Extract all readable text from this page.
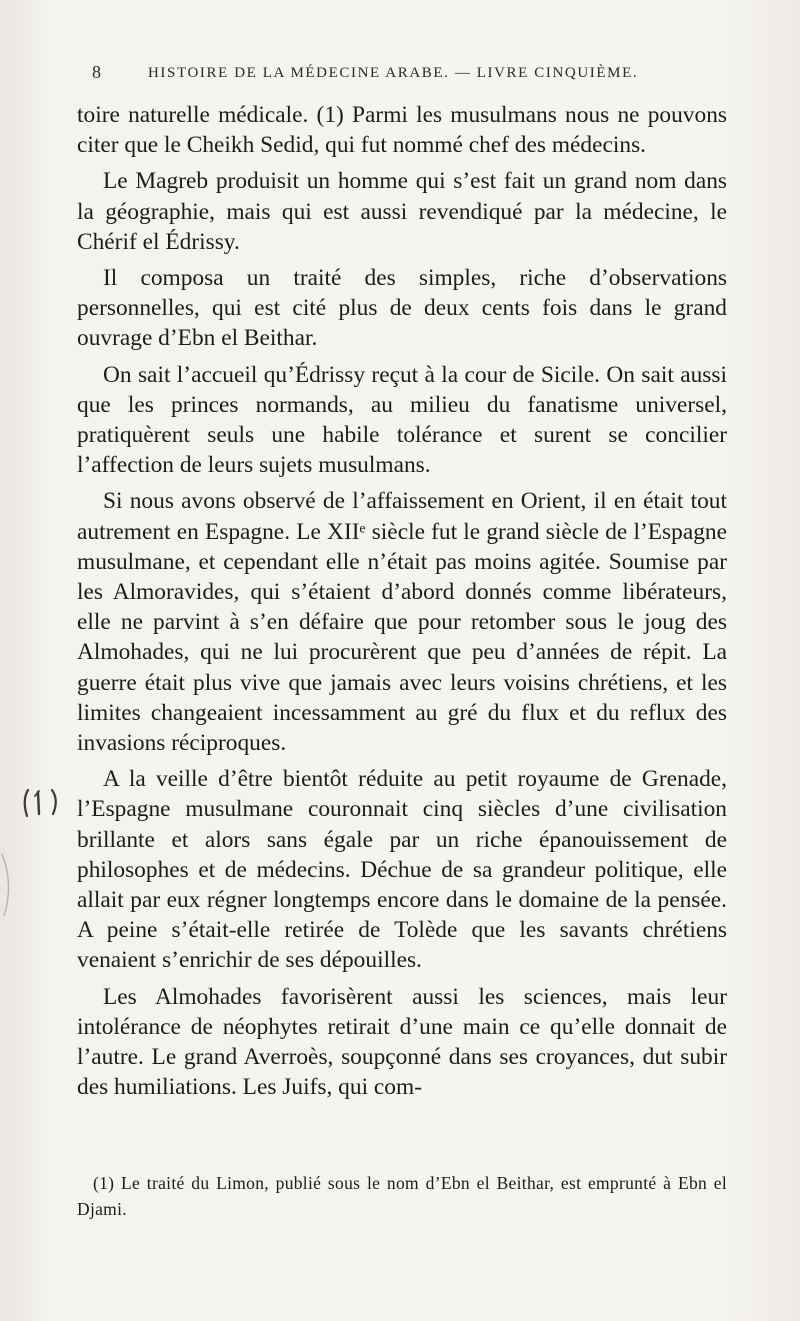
8	HISTOIRE DE LA MÉDECINE ARABE. — LIVRE CINQUIÈME.

toire naturelle médicale. (1) Parmi les musulmans nous ne pouvons citer que le Cheikh Sedid, qui fut nommé chef des médecins.

Le Magreb produisit un homme qui s’est fait un grand nom dans la géographie, mais qui est aussi revendiqué par la médecine, le Chérif el Édrissy.

Il composa un traité des simples, riche d’observations personnelles, qui est cité plus de deux cents fois dans le grand ouvrage d’Ebn el Beithar.

On sait l’accueil qu’Édrissy reçut à la cour de Sicile. On sait aussi que les princes normands, au milieu du fanatisme universel, pratiquèrent seuls une habile tolérance et surent se concilier l’affection de leurs sujets musulmans.

Si nous avons observé de l’affaissement en Orient, il en était tout autrement en Espagne. Le XIIᵉ siècle fut le grand siècle de l’Espagne musulmane, et cependant elle n’était pas moins agitée. Soumise par les Almoravides, qui s’étaient d’abord donnés comme libérateurs, elle ne parvint à s’en défaire que pour retomber sous le joug des Almohades, qui ne lui procurèrent que peu d’années de répit. La guerre était plus vive que jamais avec leurs voisins chrétiens, et les limites changeaient incessamment au gré du flux et du reflux des invasions réciproques.

A la veille d’être bientôt réduite au petit royaume de Grenade, l’Espagne musulmane couronnait cinq siècles d’une civilisation brillante et alors sans égale par un riche épanouissement de philosophes et de médecins. Déchue de sa grandeur politique, elle allait par eux régner longtemps encore dans le domaine de la pensée. A peine s’était-elle retirée de Tolède que les savants chrétiens venaient s’enrichir de ses dépouilles.

Les Almohades favorisèrent aussi les sciences, mais leur intolérance de néophytes retirait d’une main ce qu’elle donnait de l’autre. Le grand Averroès, soupçonné dans ses croyances, dut subir des humiliations. Les Juifs, qui com-

(1) Le traité du Limon, publié sous le nom d’Ebn el Beithar, est emprunté à Ebn el Djami.
